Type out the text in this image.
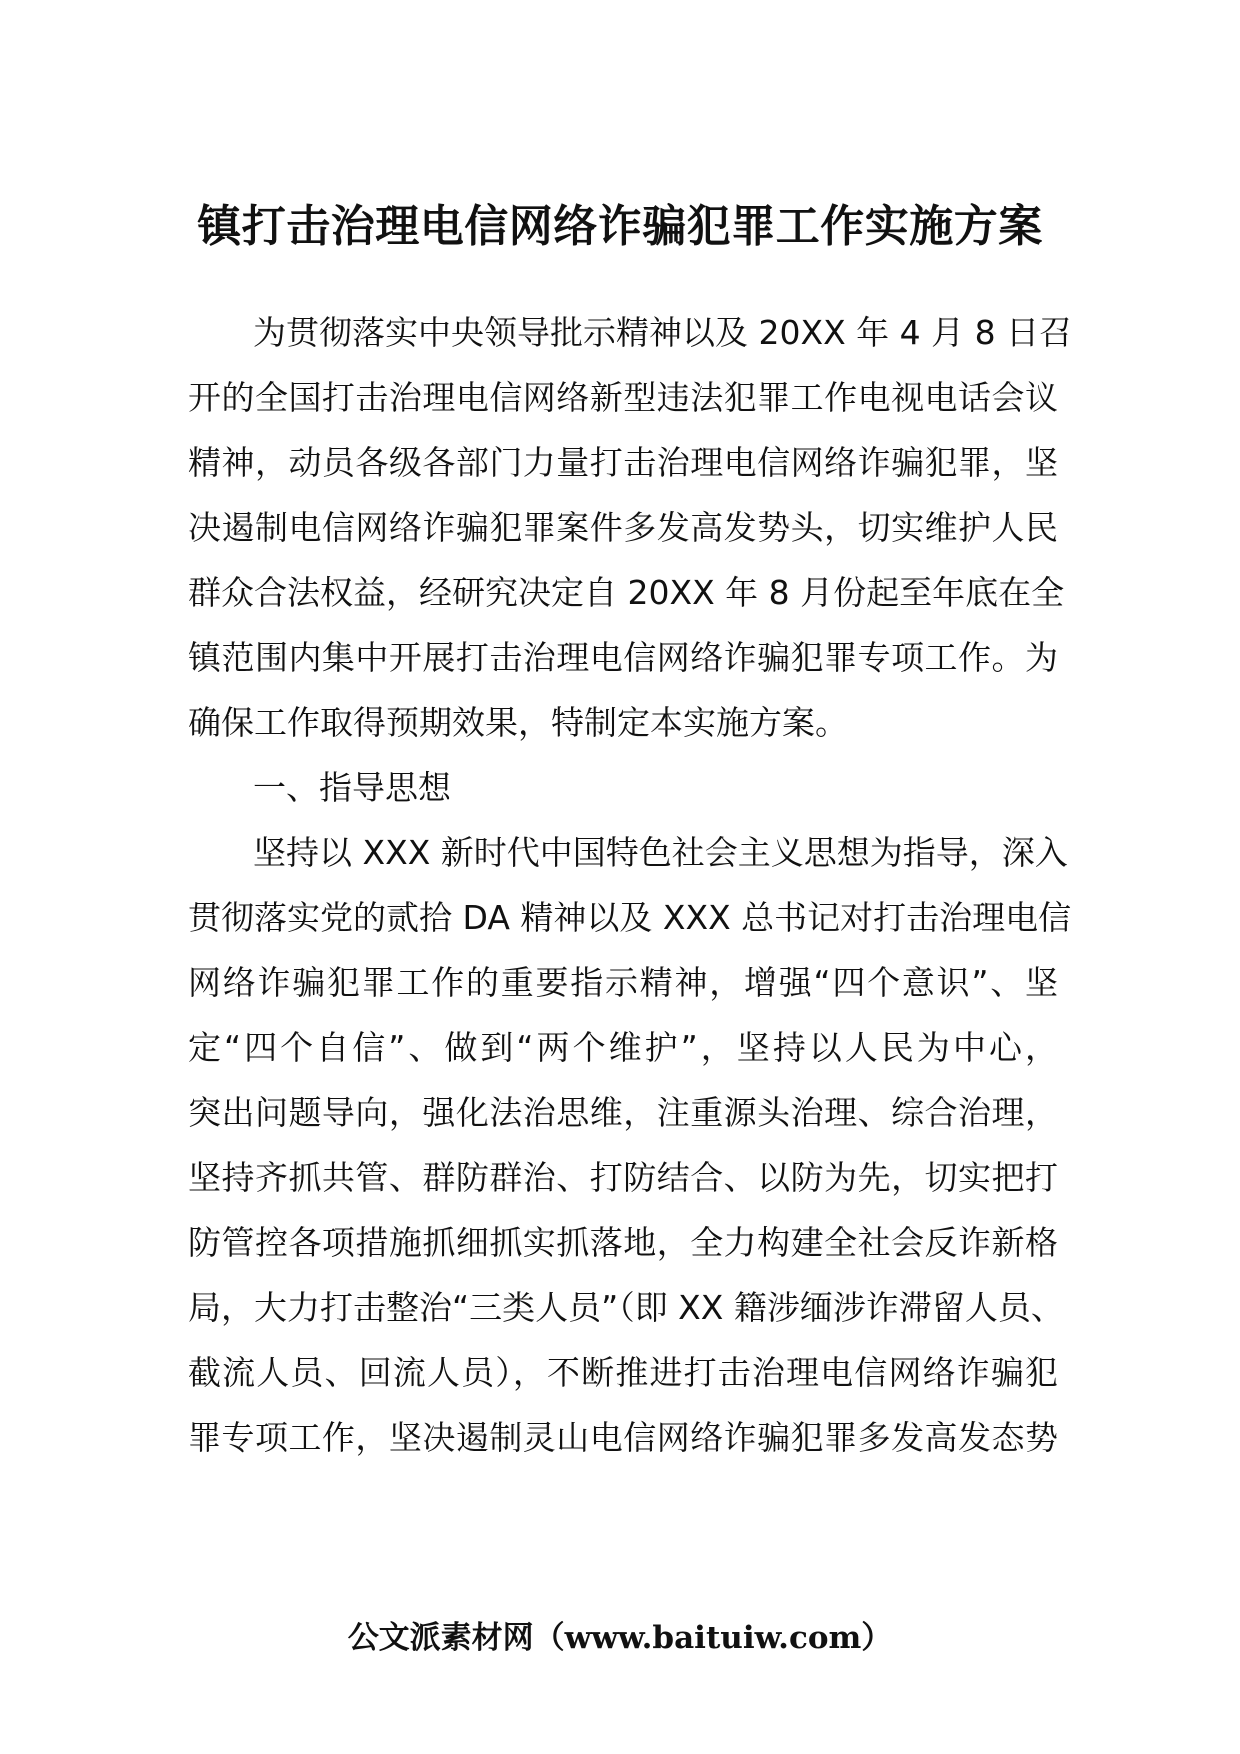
镇打击治理电信网络诈骗犯罪工作实施方案
为贯彻落实中央领导批示精神以及 20XX 年 4 月 8 日召
开的全国打击治理电信网络新型违法犯罪工作电视电话会议
精神，动员各级各部门力量打击治理电信网络诈骗犯罪，坚
决遏制电信网络诈骗犯罪案件多发高发势头，切实维护人民
群众合法权益，经研究决定自 20XX 年 8 月份起至年底在全
镇范围内集中开展打击治理电信网络诈骗犯罪专项工作。为
确保工作取得预期效果，特制定本实施方案。
一、指导思想
坚持以 XXX 新时代中国特色社会主义思想为指导，深入
贯彻落实党的贰拾 DA 精神以及 XXX 总书记对打击治理电信
网络诈骗犯罪工作的重要指示精神，增强“四个意识”、坚
定“四个自信”、做到“两个维护”，坚持以人民为中心，
突出问题导向，强化法治思维，注重源头治理、综合治理，
坚持齐抓共管、群防群治、打防结合、以防为先，切实把打
防管控各项措施抓细抓实抓落地，全力构建全社会反诈新格
局，大力打击整治“三类人员”（即 XX 籍涉缅涉诈滞留人员、
截流人员、回流人员），不断推进打击治理电信网络诈骗犯
罪专项工作，坚决遏制灵山电信网络诈骗犯罪多发高发态势
公文派素材网（www.baituiw.com）
